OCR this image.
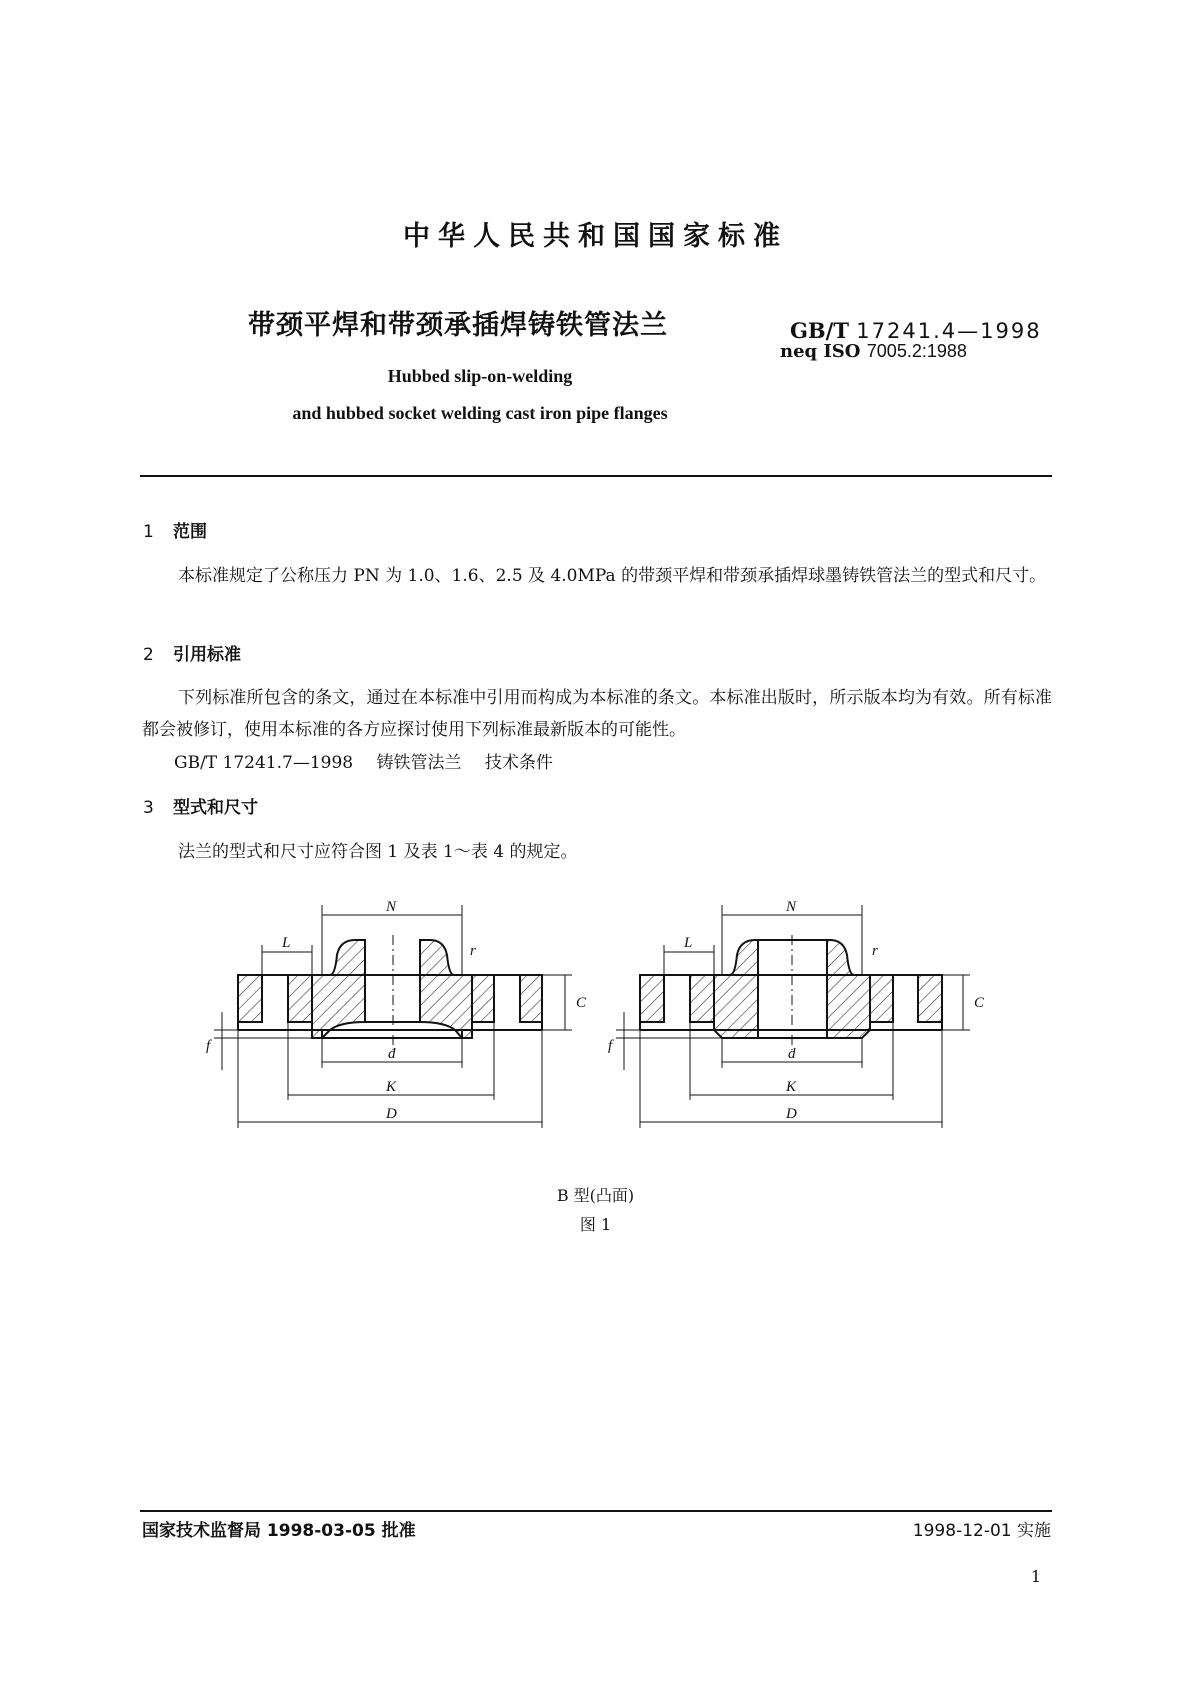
中华人民共和国国家标准
带颈平焊和带颈承插焊铸铁管法兰	GB/T 17241.4—1998
neq ISO 7005.2:1988
Hubbed slip-on-welding
and hubbed socket welding cast iron pipe flanges
1 范围
本标准规定了公称压力 PN 为 1.0、1.6、2.5 及 4.0MPa 的带颈平焊和带颈承插焊球墨铸铁管法兰的型式和尺寸。
2 引用标准
下列标准所包含的条文，通过在本标准中引用而构成为本标准的条文。本标准出版时，所示版本均为有效。所有标准都会被修订，使用本标准的各方应探讨使用下列标准最新版本的可能性。
GB/T 17241.7—1998 铸铁管法兰 技术条件
3 型式和尺寸
法兰的型式和尺寸应符合图 1 及表 1～表 4 的规定。
N
L	r
C
f	d
K
D
N
L	r
C
f	d
K
D
B 型(凸面)
图 1
国家技术监督局 1998-03-05 批准	1998-12-01 实施
1
